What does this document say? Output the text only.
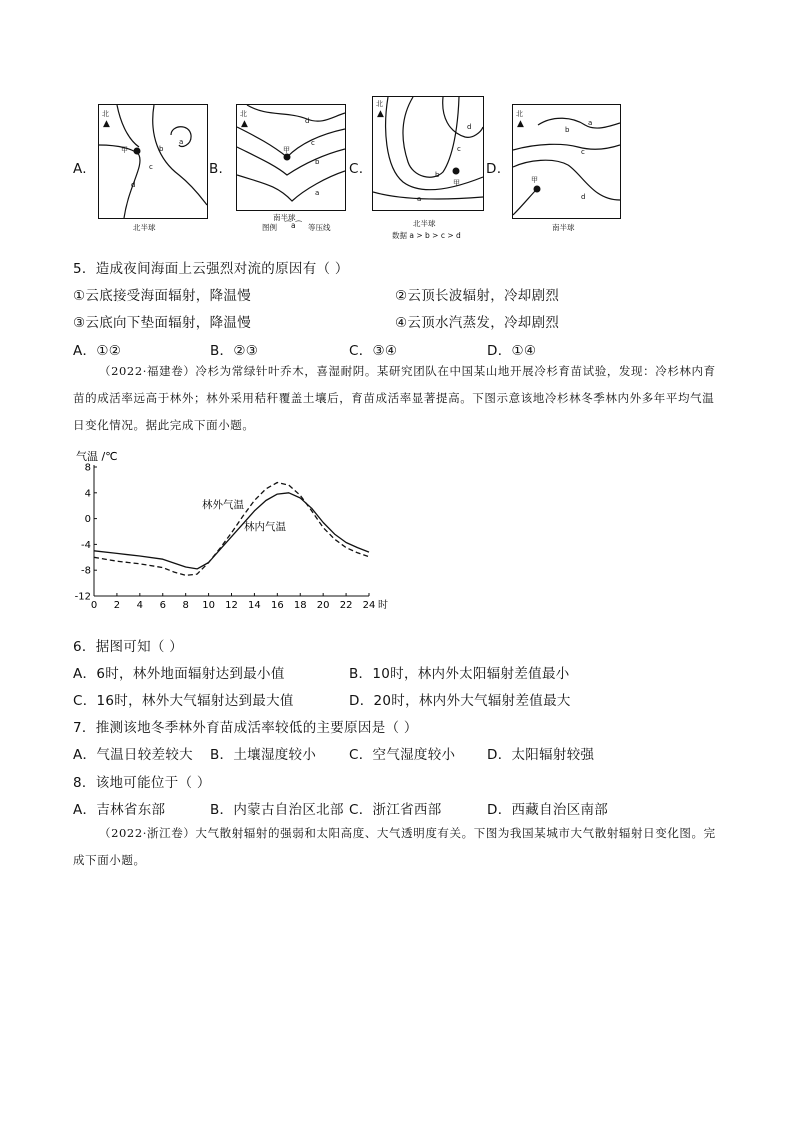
A.
北
▲
甲
a
b
c
d
北半球
B.
北
▲
甲
d
c
b
a
南半球
图例 ⁀a⁀ 等压线
C.
北
▲
甲
d
c
b
a
北半球
数据 a > b > c > d
D.
北
▲
甲
a
b
c
d
南半球
5．造成夜间海面上云强烈对流的原因有（ ）
①云底接受海面辐射，降温慢	②云顶长波辐射，冷却剧烈
③云底向下垫面辐射，降温慢	④云顶水汽蒸发，冷却剧烈
A．①②	B．②③	C．③④	D．①④
（2022·福建卷）冷杉为常绿针叶乔木，喜湿耐阴。某研究团队在中国某山地开展冷杉育苗试验，发现：冷杉林内育苗的成活率远高于林外；林外采用秸秆覆盖土壤后，育苗成活率显著提高。下图示意该地冷杉林冬季林内外多年平均气温日变化情况。据此完成下面小题。
气温 /℃
-12
-8
-4
0
4
8
0 2 4 6 8 10 12 14 16 18 20 22 24 时
林外气温
林内气温
6．据图可知（ ）
A．6时，林外地面辐射达到最小值	B．10时，林内外太阳辐射差值最小
C．16时，林外大气辐射达到最大值	D．20时，林内外大气辐射差值最大
7．推测该地冬季林外育苗成活率较低的主要原因是（ ）
A．气温日较差较大 B．土壤湿度较小 C．空气湿度较小 D．太阳辐射较强
8．该地可能位于（ ）
A．吉林省东部	B．内蒙古自治区北部 C．浙江省西部	D．西藏自治区南部
（2022·浙江卷）大气散射辐射的强弱和太阳高度、大气透明度有关。下图为我国某城市大气散射辐射日变化图。完成下面小题。
